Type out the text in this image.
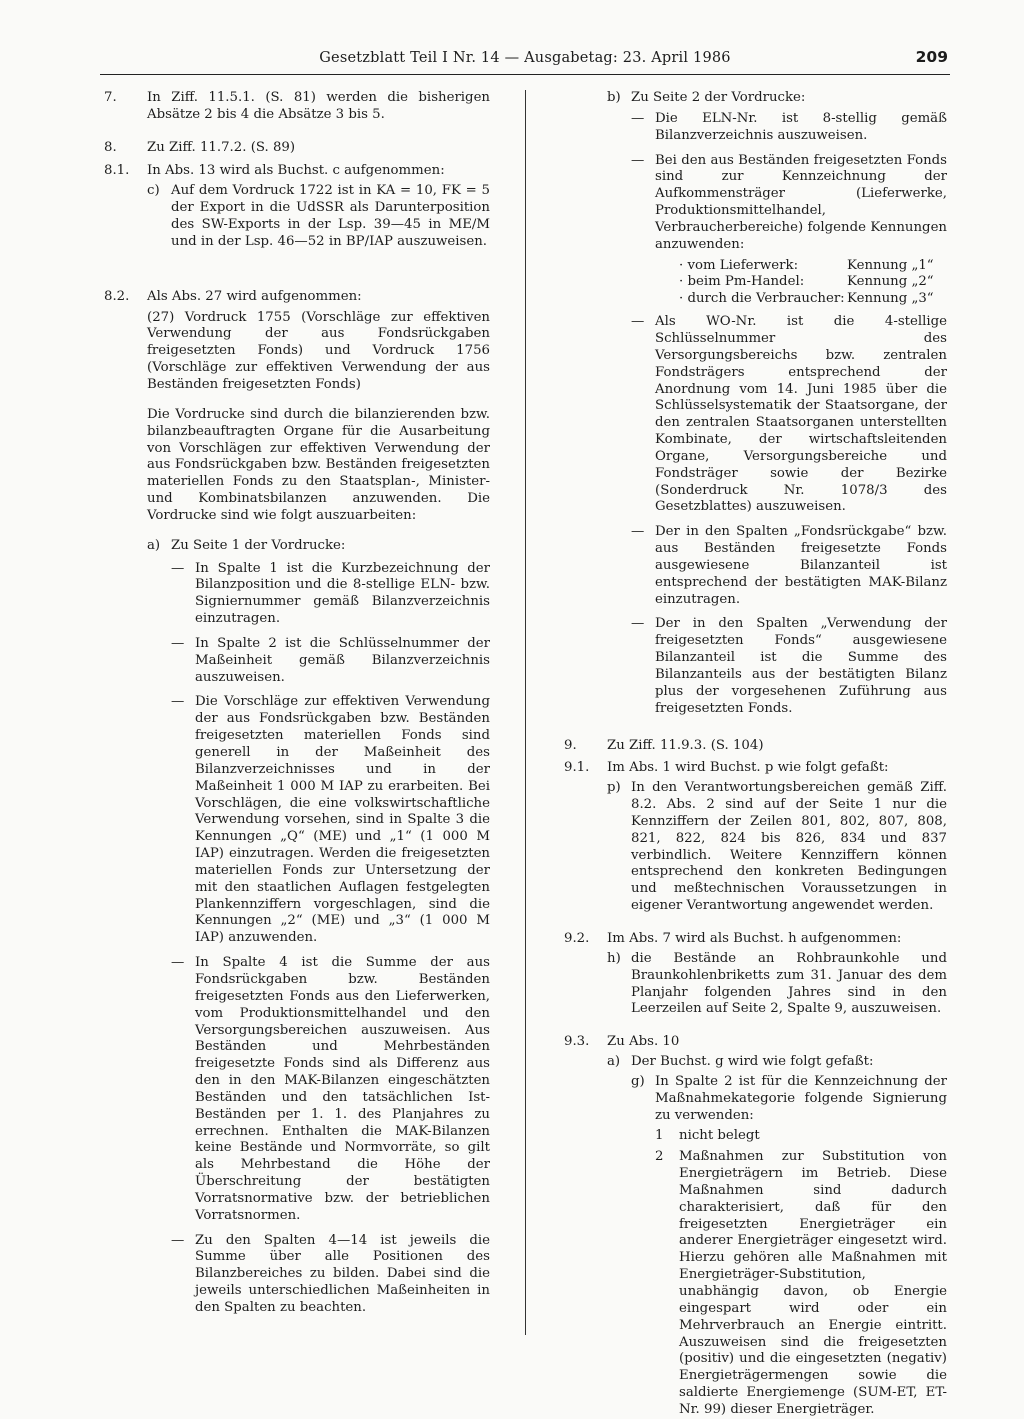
Gesetzblatt Teil I Nr. 14 — Ausgabetag: 23. April 1986	209
7. In Ziff. 11.5.1. (S. 81) werden die bisherigen Absätze 2 bis 4 die Absätze 3 bis 5.
8. Zu Ziff. 11.7.2. (S. 89)
8.1. In Abs. 13 wird als Buchst. c aufgenommen:
c) Auf dem Vordruck 1722 ist in KA = 10, FK = 5 der Export in die UdSSR als Darunterposition des SW-Exports in der Lsp. 39—45 in ME/M und in der Lsp. 46—52 in BP/IAP auszuweisen.
8.2. Als Abs. 27 wird aufgenommen:
(27) Vordruck 1755 (Vorschläge zur effektiven Verwendung der aus Fondsrückgaben freigesetzten Fonds) und Vordruck 1756 (Vorschläge zur effektiven Verwendung der aus Beständen freigesetzten Fonds)
Die Vordrucke sind durch die bilanzierenden bzw. bilanzbeauftragten Organe für die Ausarbeitung von Vorschlägen zur effektiven Verwendung der aus Fondsrückgaben bzw. Beständen freigesetzten materiellen Fonds zu den Staatsplan-, Minister- und Kombinatsbilanzen anzuwenden. Die Vordrucke sind wie folgt auszuarbeiten:
a) Zu Seite 1 der Vordrucke:
— In Spalte 1 ist die Kurzbezeichnung der Bilanzposition und die 8-stellige ELN- bzw. Signiernummer gemäß Bilanzverzeichnis einzutragen.
— In Spalte 2 ist die Schlüsselnummer der Maßeinheit gemäß Bilanzverzeichnis auszuweisen.
— Die Vorschläge zur effektiven Verwendung der aus Fondsrückgaben bzw. Beständen freigesetzten materiellen Fonds sind generell in der Maßeinheit des Bilanzverzeichnisses und in der Maßeinheit 1 000 M IAP zu erarbeiten. Bei Vorschlägen, die eine volkswirtschaftliche Verwendung vorsehen, sind in Spalte 3 die Kennungen „Q“ (ME) und „1“ (1 000 M IAP) einzutragen. Werden die freigesetzten materiellen Fonds zur Untersetzung der mit den staatlichen Auflagen festgelegten Plankennziffern vorgeschlagen, sind die Kennungen „2“ (ME) und „3“ (1 000 M IAP) anzuwenden.
— In Spalte 4 ist die Summe der aus Fondsrückgaben bzw. Beständen freigesetzten Fonds aus den Lieferwerken, vom Produktionsmittelhandel und den Versorgungsbereichen auszuweisen. Aus Beständen und Mehrbeständen freigesetzte Fonds sind als Differenz aus den in den MAK-Bilanzen eingeschätzten Beständen und den tatsächlichen Ist-Beständen per 1. 1. des Planjahres zu errechnen. Enthalten die MAK-Bilanzen keine Bestände und Normvorräte, so gilt als Mehrbestand die Höhe der Überschreitung der bestätigten Vorratsnormative bzw. der betrieblichen Vorratsnormen.
— Zu den Spalten 4—14 ist jeweils die Summe über alle Positionen des Bilanzbereiches zu bilden. Dabei sind die jeweils unterschiedlichen Maßeinheiten in den Spalten zu beachten.
b) Zu Seite 2 der Vordrucke:
— Die ELN-Nr. ist 8-stellig gemäß Bilanzverzeichnis auszuweisen.
— Bei den aus Beständen freigesetzten Fonds sind zur Kennzeichnung der Aufkommensträger (Lieferwerke, Produktionsmittelhandel, Verbraucherbereiche) folgende Kennungen anzuwenden:
· vom Lieferwerk:	Kennung „1“
· beim Pm-Handel:	Kennung „2“
· durch die Verbraucher: Kennung „3“
— Als WO-Nr. ist die 4-stellige Schlüsselnummer des Versorgungsbereichs bzw. zentralen Fondsträgers entsprechend der Anordnung vom 14. Juni 1985 über die Schlüsselsystematik der Staatsorgane, der den zentralen Staatsorganen unterstellten Kombinate, der wirtschaftsleitenden Organe, Versorgungsbereiche und Fondsträger sowie der Bezirke (Sonderdruck Nr. 1078/3 des Gesetzblattes) auszuweisen.
— Der in den Spalten „Fondsrückgabe“ bzw. aus Beständen freigesetzte Fonds ausgewiesene Bilanzanteil ist entsprechend der bestätigten MAK-Bilanz einzutragen.
— Der in den Spalten „Verwendung der freigesetzten Fonds“ ausgewiesene Bilanzanteil ist die Summe des Bilanzanteils aus der bestätigten Bilanz plus der vorgesehenen Zuführung aus freigesetzten Fonds.
9. Zu Ziff. 11.9.3. (S. 104)
9.1. Im Abs. 1 wird Buchst. p wie folgt gefaßt:
p) In den Verantwortungsbereichen gemäß Ziff. 8.2. Abs. 2 sind auf der Seite 1 nur die Kennziffern der Zeilen 801, 802, 807, 808, 821, 822, 824 bis 826, 834 und 837 verbindlich. Weitere Kennziffern können entsprechend den konkreten Bedingungen und meßtechnischen Voraussetzungen in eigener Verantwortung angewendet werden.
9.2. Im Abs. 7 wird als Buchst. h aufgenommen:
h) die Bestände an Rohbraunkohle und Braunkohlenbriketts zum 31. Januar des dem Planjahr folgenden Jahres sind in den Leerzeilen auf Seite 2, Spalte 9, auszuweisen.
9.3. Zu Abs. 10
a) Der Buchst. g wird wie folgt gefaßt:
g) In Spalte 2 ist für die Kennzeichnung der Maßnahmekategorie folgende Signierung zu verwenden:
1 nicht belegt
2 Maßnahmen zur Substitution von Energieträgern im Betrieb. Diese Maßnahmen sind dadurch charakterisiert, daß für den freigesetzten Energieträger ein anderer Energieträger eingesetzt wird. Hierzu gehören alle Maßnahmen mit Energieträger-Substitution, unabhängig davon, ob Energie eingespart wird oder ein Mehrverbrauch an Energie eintritt. Auszuweisen sind die freigesetzten (positiv) und die eingesetzten (negativ) Energieträgermengen sowie die saldierte Energiemenge (SUM-ET, ET-Nr. 99) dieser Energieträger.
